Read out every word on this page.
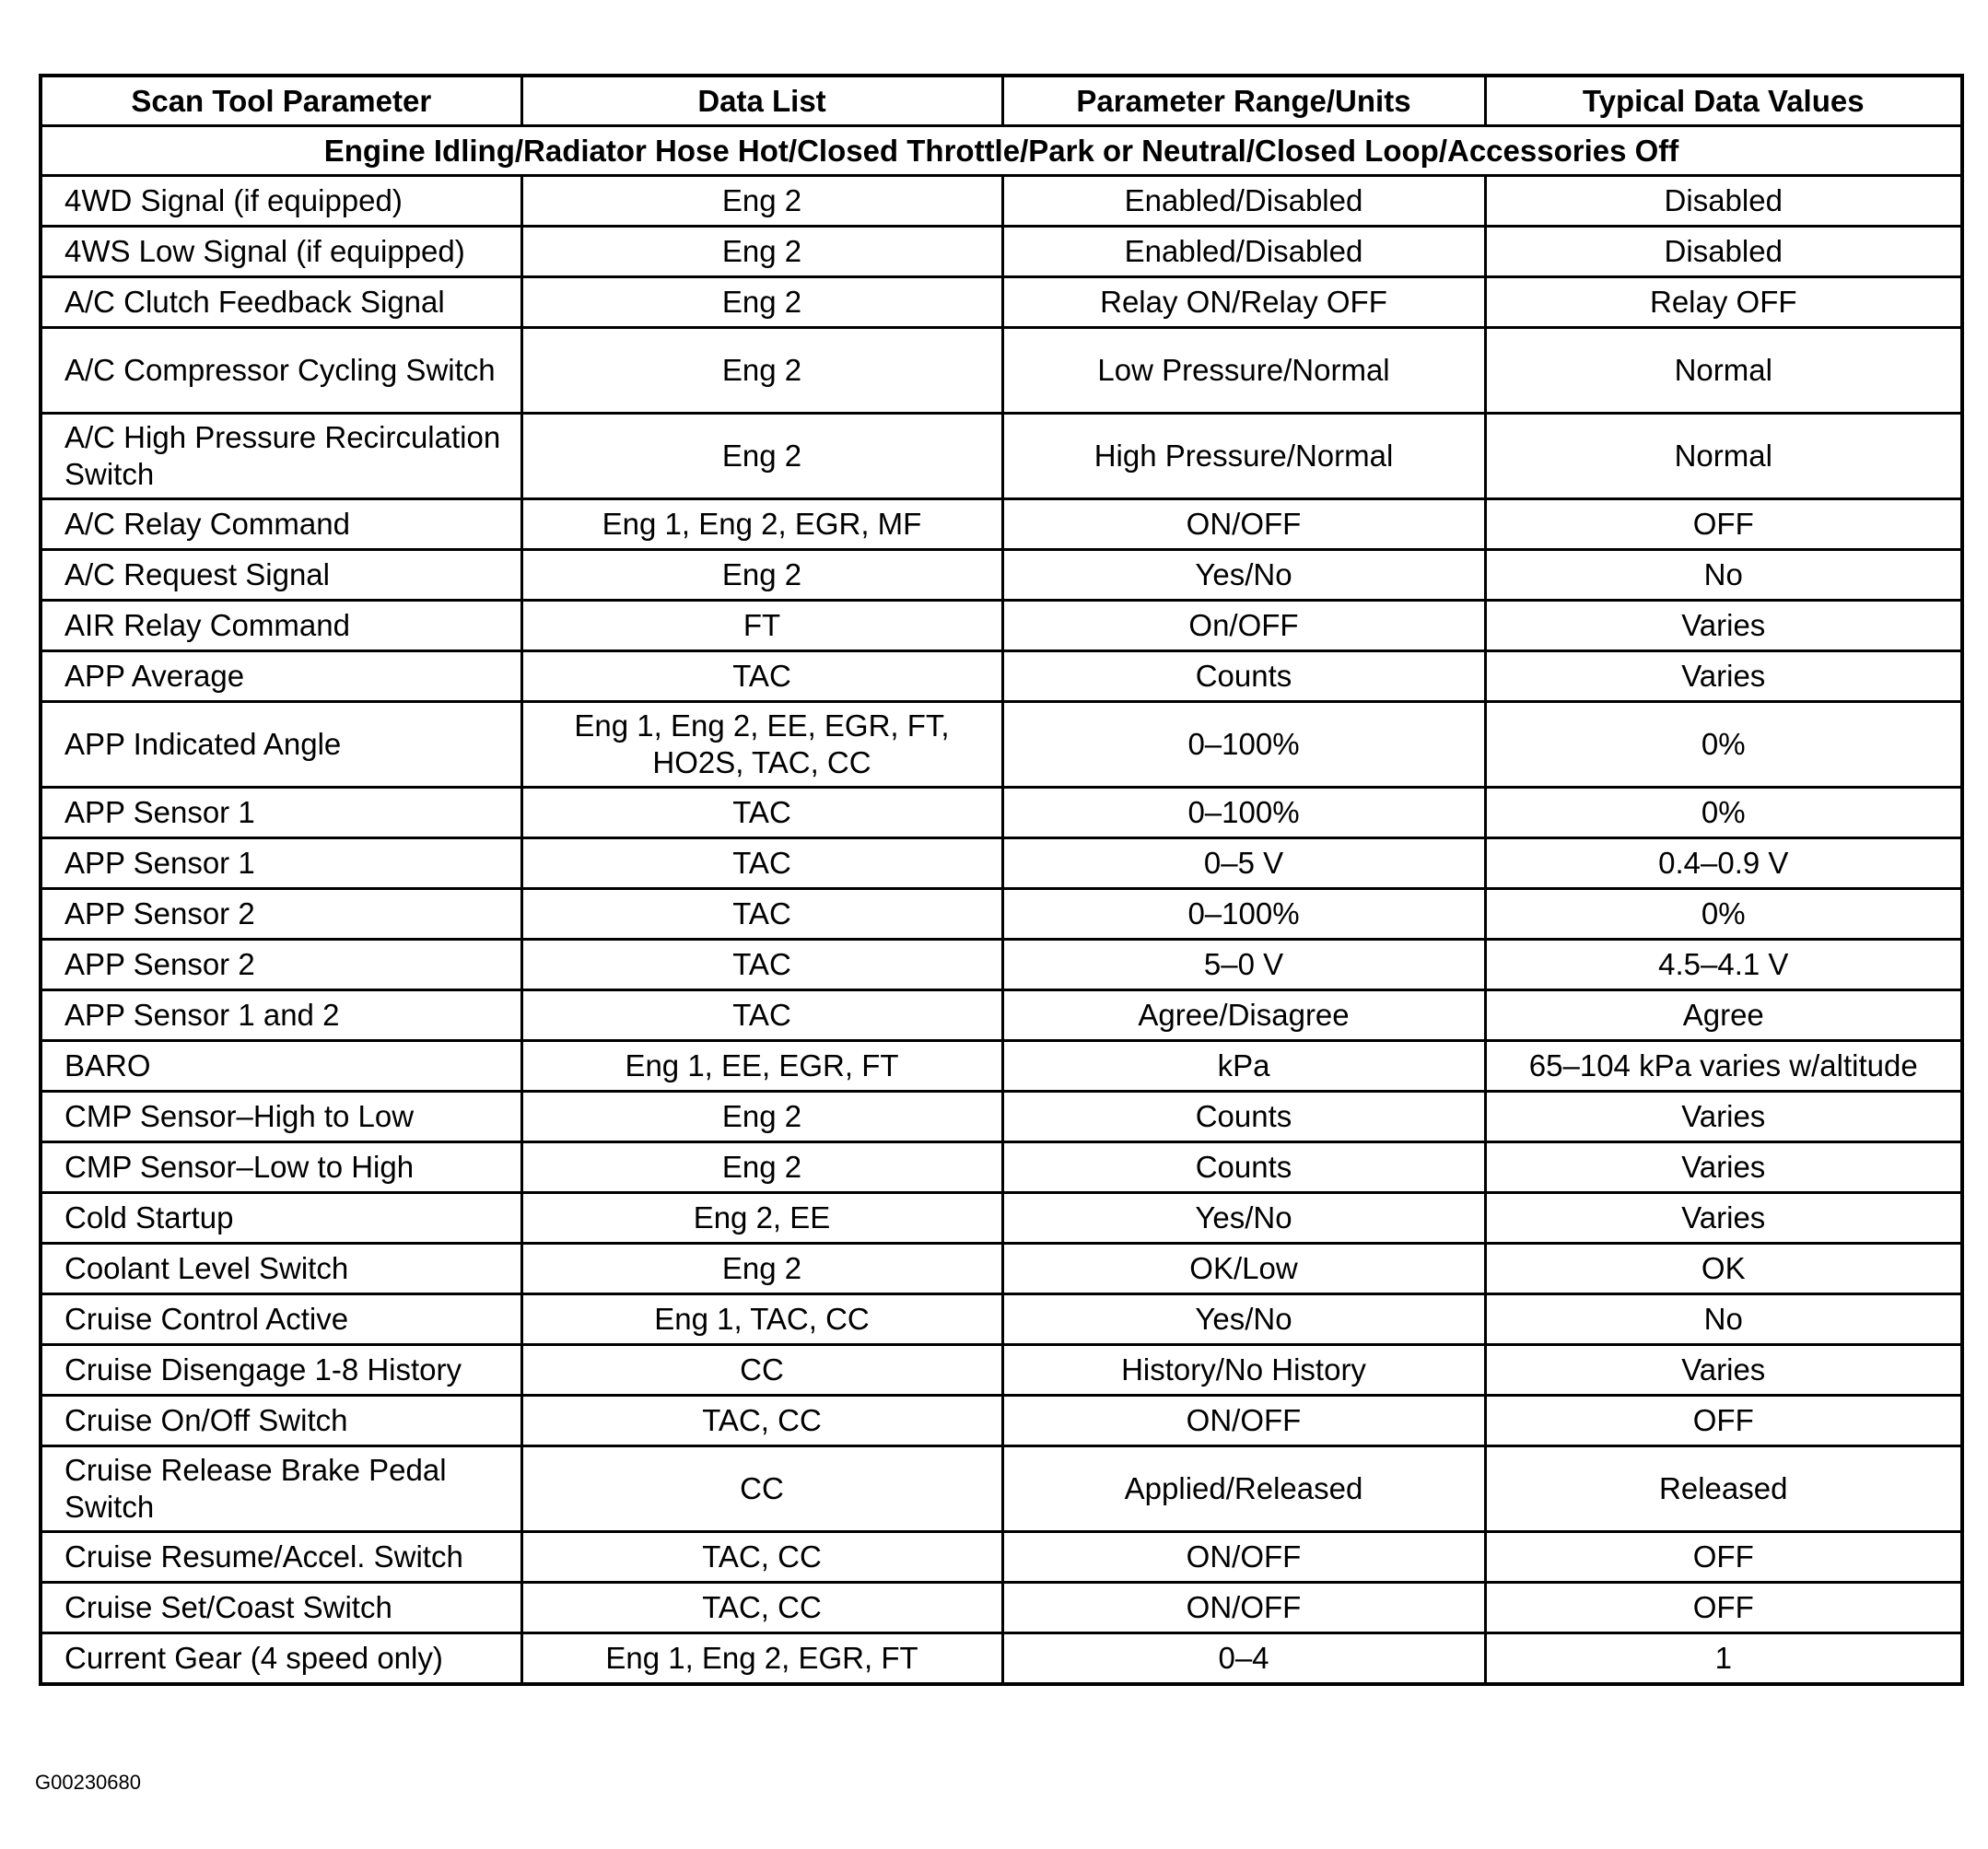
Scan Tool Parameter	Data List	Parameter Range/Units	Typical Data Values
Engine Idling/Radiator Hose Hot/Closed Throttle/Park or Neutral/Closed Loop/Accessories Off			
4WD Signal (if equipped)	Eng 2	Enabled/Disabled	Disabled
4WS Low Signal (if equipped)	Eng 2	Enabled/Disabled	Disabled
A/C Clutch Feedback Signal	Eng 2	Relay ON/Relay OFF	Relay OFF
A/C Compressor Cycling Switch	Eng 2	Low Pressure/Normal	Normal
A/C High Pressure Recirculation Switch	Eng 2	High Pressure/Normal	Normal
A/C Relay Command	Eng 1, Eng 2, EGR, MF	ON/OFF	OFF
A/C Request Signal	Eng 2	Yes/No	No
AIR Relay Command	FT	On/OFF	Varies
APP Average	TAC	Counts	Varies
APP Indicated Angle	Eng 1, Eng 2, EE, EGR, FT, HO2S, TAC, CC	0–100%	0%
APP Sensor 1	TAC	0–100%	0%
APP Sensor 1	TAC	0–5 V	0.4–0.9 V
APP Sensor 2	TAC	0–100%	0%
APP Sensor 2	TAC	5–0 V	4.5–4.1 V
APP Sensor 1 and 2	TAC	Agree/Disagree	Agree
BARO	Eng 1, EE, EGR, FT	kPa	65–104 kPa varies w/altitude
CMP Sensor–High to Low	Eng 2	Counts	Varies
CMP Sensor–Low to High	Eng 2	Counts	Varies
Cold Startup	Eng 2, EE	Yes/No	Varies
Coolant Level Switch	Eng 2	OK/Low	OK
Cruise Control Active	Eng 1, TAC, CC	Yes/No	No
Cruise Disengage 1-8 History	CC	History/No History	Varies
Cruise On/Off Switch	TAC, CC	ON/OFF	OFF
Cruise Release Brake Pedal Switch	CC	Applied/Released	Released
Cruise Resume/Accel. Switch	TAC, CC	ON/OFF	OFF
Cruise Set/Coast Switch	TAC, CC	ON/OFF	OFF
Current Gear (4 speed only)	Eng 1, Eng 2, EGR, FT	0–4	1
G00230680
